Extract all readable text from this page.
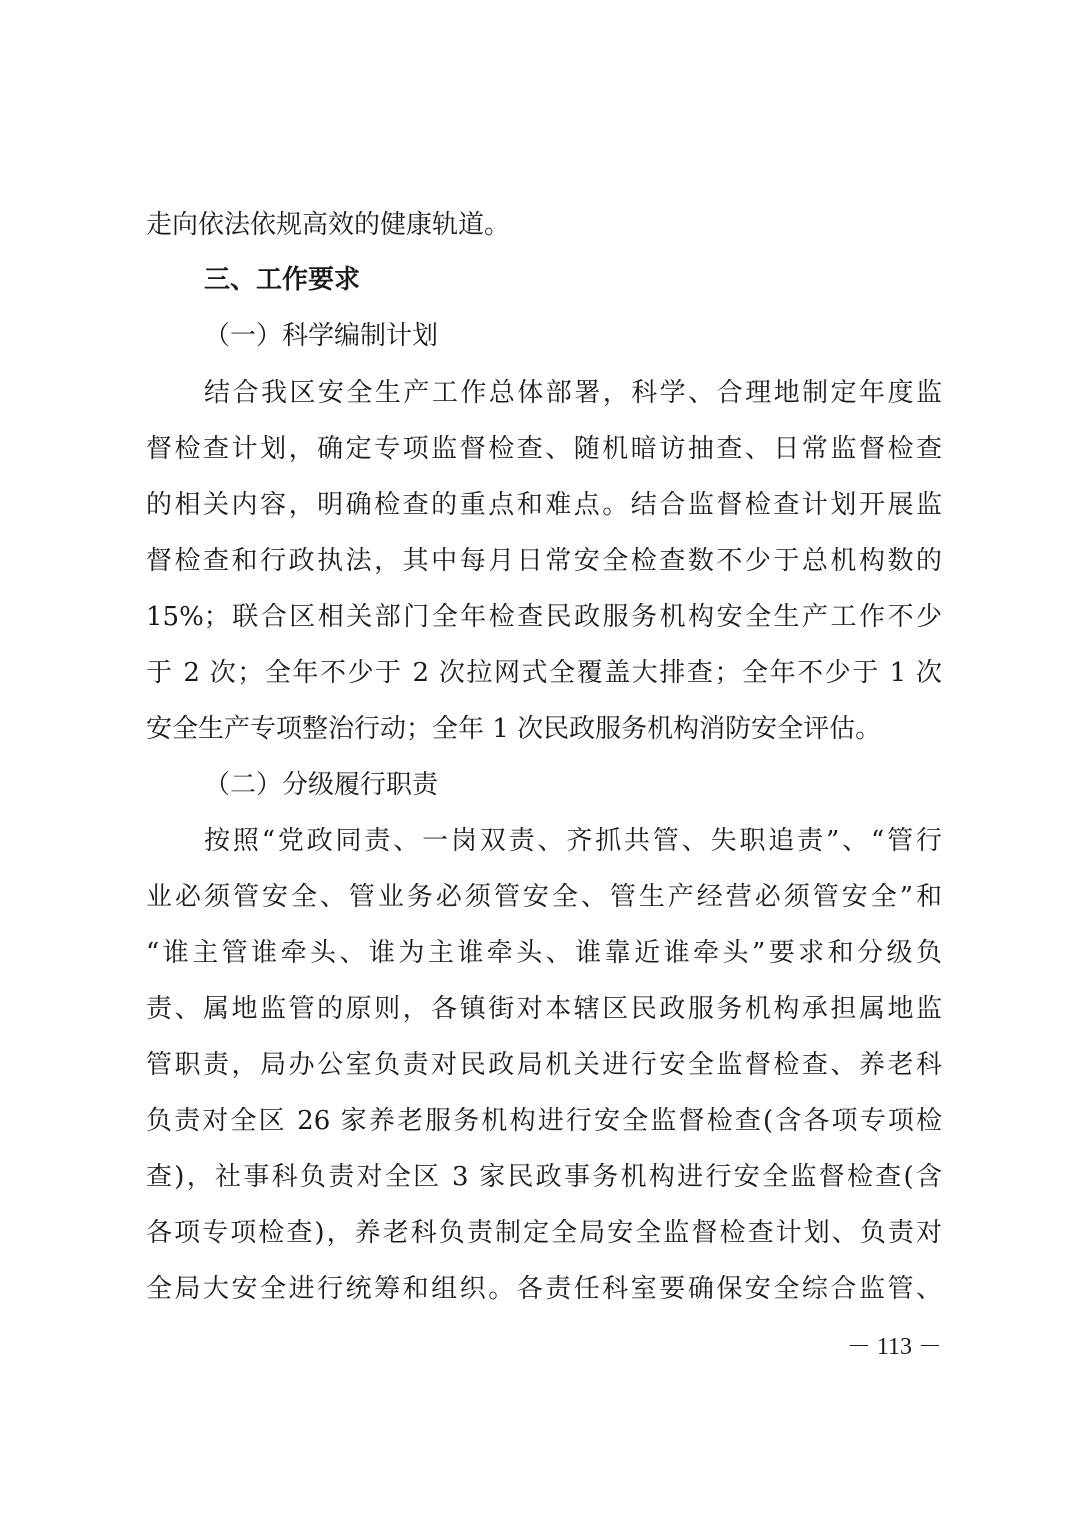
走向依法依规高效的健康轨道。
三、工作要求
（一）科学编制计划
结合我区安全生产工作总体部署，科学、合理地制定年度监
督检查计划，确定专项监督检查、随机暗访抽查、日常监督检查
的相关内容，明确检查的重点和难点。结合监督检查计划开展监
督检查和行政执法，其中每月日常安全检查数不少于总机构数的
15%；联合区相关部门全年检查民政服务机构安全生产工作不少
于 2 次；全年不少于 2 次拉网式全覆盖大排查；全年不少于 1 次
安全生产专项整治行动；全年 1 次民政服务机构消防安全评估。
（二）分级履行职责
按照“党政同责、一岗双责、齐抓共管、失职追责”、“管行
业必须管安全、管业务必须管安全、管生产经营必须管安全”和
“谁主管谁牵头、谁为主谁牵头、谁靠近谁牵头”要求和分级负
责、属地监管的原则，各镇街对本辖区民政服务机构承担属地监
管职责，局办公室负责对民政局机关进行安全监督检查、养老科
负责对全区 26 家养老服务机构进行安全监督检查(含各项专项检
查)，社事科负责对全区 3 家民政事务机构进行安全监督检查(含
各项专项检查)，养老科负责制定全局安全监督检查计划、负责对
全局大安全进行统筹和组织。各责任科室要确保安全综合监管、
－ 113 －
